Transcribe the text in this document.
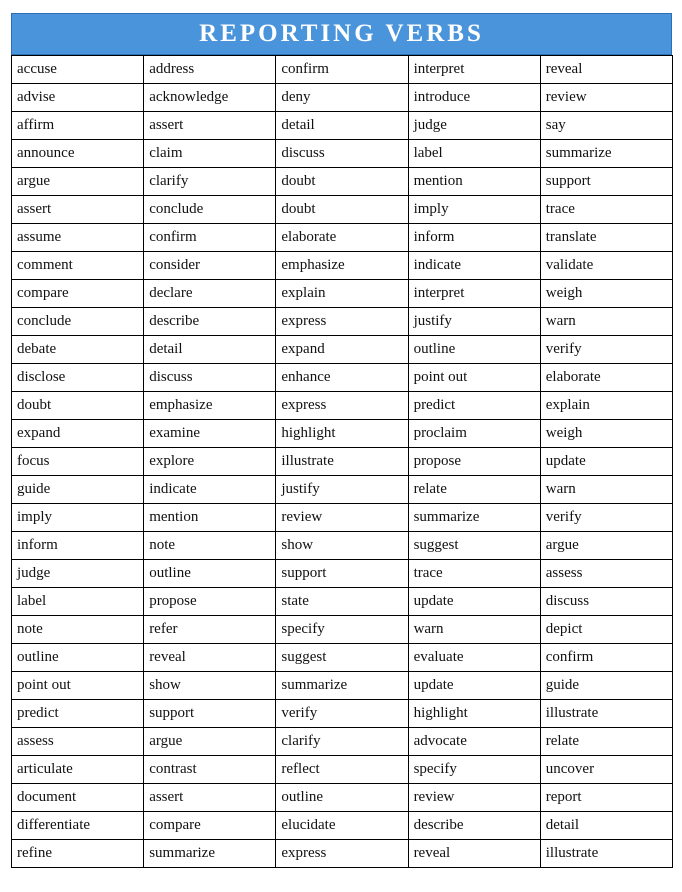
REPORTING VERBS
accuse	address	confirm	interpret	reveal
advise	acknowledge	deny	introduce	review
affirm	assert	detail	judge	say
announce	claim	discuss	label	summarize
argue	clarify	doubt	mention	support
assert	conclude	doubt	imply	trace
assume	confirm	elaborate	inform	translate
comment	consider	emphasize	indicate	validate
compare	declare	explain	interpret	weigh
conclude	describe	express	justify	warn
debate	detail	expand	outline	verify
disclose	discuss	enhance	point out	elaborate
doubt	emphasize	express	predict	explain
expand	examine	highlight	proclaim	weigh
focus	explore	illustrate	propose	update
guide	indicate	justify	relate	warn
imply	mention	review	summarize	verify
inform	note	show	suggest	argue
judge	outline	support	trace	assess
label	propose	state	update	discuss
note	refer	specify	warn	depict
outline	reveal	suggest	evaluate	confirm
point out	show	summarize	update	guide
predict	support	verify	highlight	illustrate
assess	argue	clarify	advocate	relate
articulate	contrast	reflect	specify	uncover
document	assert	outline	review	report
differentiate	compare	elucidate	describe	detail
refine	summarize	express	reveal	illustrate
